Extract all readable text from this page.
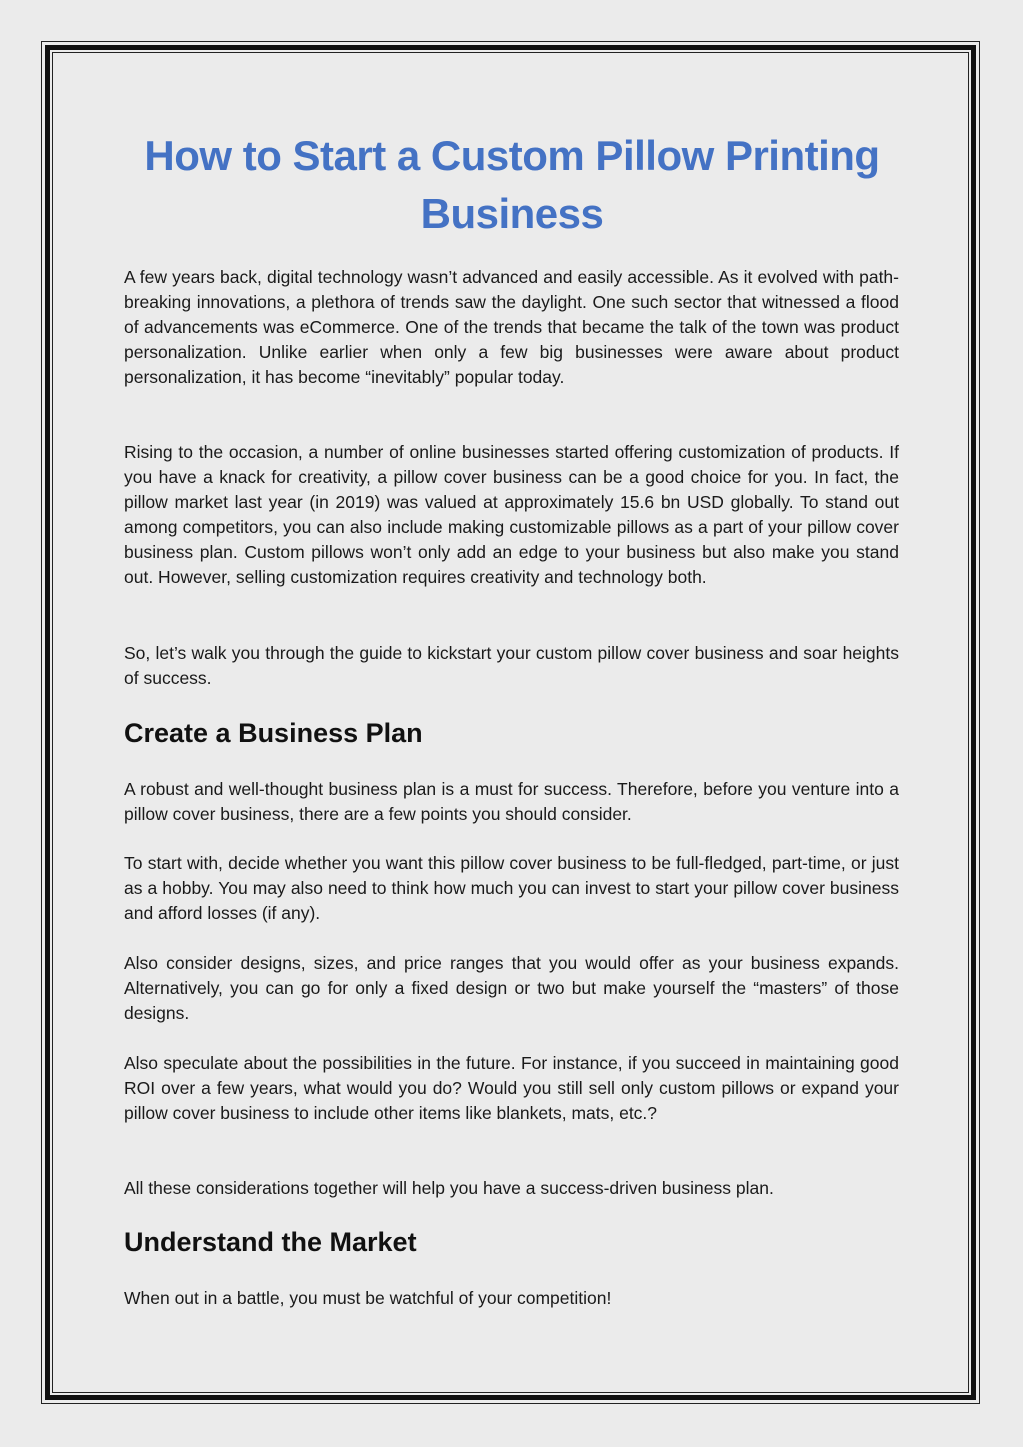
How to Start a Custom Pillow Printing Business

A few years back, digital technology wasn’t advanced and easily accessible. As it evolved with path-breaking innovations, a plethora of trends saw the daylight. One such sector that witnessed a flood of advancements was eCommerce. One of the trends that became the talk of the town was product personalization. Unlike earlier when only a few big businesses were aware about product personalization, it has become “inevitably” popular today.

Rising to the occasion, a number of online businesses started offering customization of products. If you have a knack for creativity, a pillow cover business can be a good choice for you. In fact, the pillow market last year (in 2019) was valued at approximately 15.6 bn USD globally. To stand out among competitors, you can also include making customizable pillows as a part of your pillow cover business plan. Custom pillows won’t only add an edge to your business but also make you stand out. However, selling customization requires creativity and technology both.

So, let’s walk you through the guide to kickstart your custom pillow cover business and soar heights of success.

Create a Business Plan

A robust and well-thought business plan is a must for success. Therefore, before you venture into a pillow cover business, there are a few points you should consider.

To start with, decide whether you want this pillow cover business to be full-fledged, part-time, or just as a hobby. You may also need to think how much you can invest to start your pillow cover business and afford losses (if any).

Also consider designs, sizes, and price ranges that you would offer as your business expands. Alternatively, you can go for only a fixed design or two but make yourself the “masters” of those designs.

Also speculate about the possibilities in the future. For instance, if you succeed in maintaining good ROI over a few years, what would you do? Would you still sell only custom pillows or expand your pillow cover business to include other items like blankets, mats, etc.?

All these considerations together will help you have a success-driven business plan.

Understand the Market

When out in a battle, you must be watchful of your competition!
